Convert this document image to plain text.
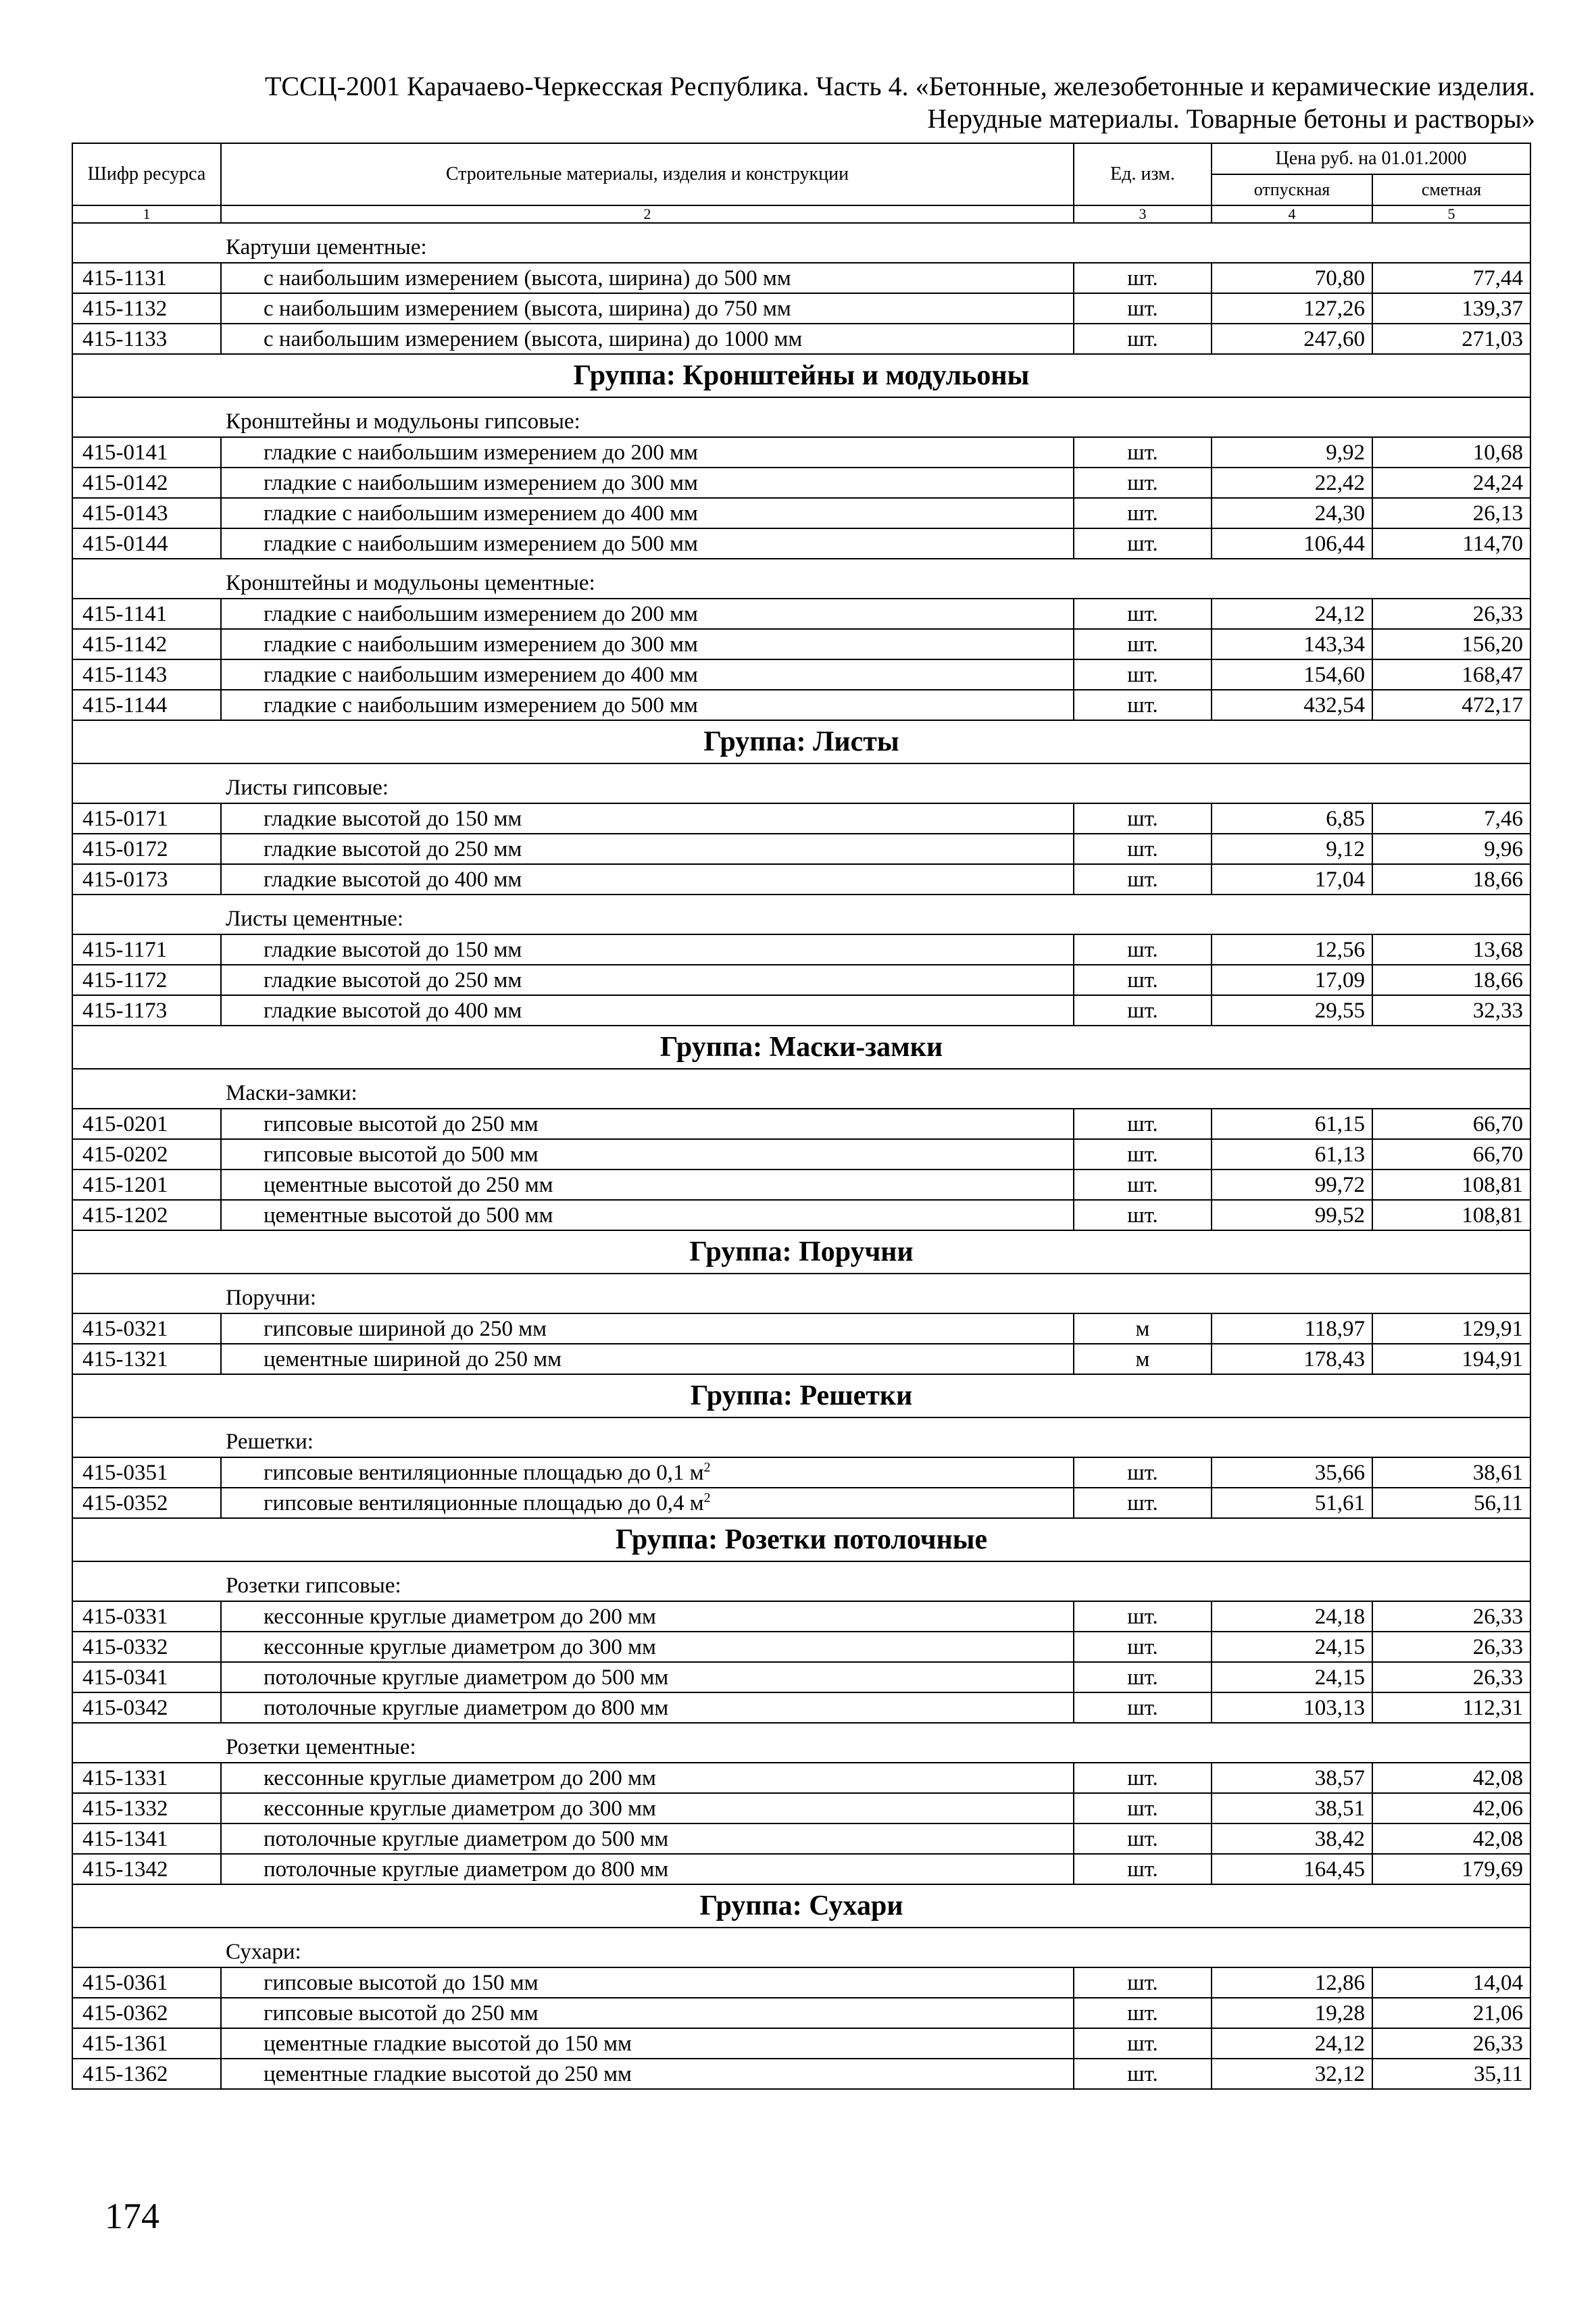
ТССЦ-2001 Карачаево-Черкесская Республика. Часть 4. «Бетонные, железобетонные и керамические изделия.
Нерудные материалы. Товарные бетоны и растворы»
Шифр ресурса	Строительные материалы, изделия и конструкции	Ед. изм.	Цена руб. на 01.01.2000	
			отпускная	сметная
1	2	3	4	5
Картуши цементные:				
415-1131	с наибольшим измерением (высота, ширина) до 500 мм	шт.	70,80	77,44
415-1132	с наибольшим измерением (высота, ширина) до 750 мм	шт.	127,26	139,37
415-1133	с наибольшим измерением (высота, ширина) до 1000 мм	шт.	247,60	271,03
Группа: Кронштейны и модульоны				
Кронштейны и модульоны гипсовые:				
415-0141	гладкие с наибольшим измерением до 200 мм	шт.	9,92	10,68
415-0142	гладкие с наибольшим измерением до 300 мм	шт.	22,42	24,24
415-0143	гладкие с наибольшим измерением до 400 мм	шт.	24,30	26,13
415-0144	гладкие с наибольшим измерением до 500 мм	шт.	106,44	114,70
Кронштейны и модульоны цементные:				
415-1141	гладкие с наибольшим измерением до 200 мм	шт.	24,12	26,33
415-1142	гладкие с наибольшим измерением до 300 мм	шт.	143,34	156,20
415-1143	гладкие с наибольшим измерением до 400 мм	шт.	154,60	168,47
415-1144	гладкие с наибольшим измерением до 500 мм	шт.	432,54	472,17
Группа: Листы				
Листы гипсовые:				
415-0171	гладкие высотой до 150 мм	шт.	6,85	7,46
415-0172	гладкие высотой до 250 мм	шт.	9,12	9,96
415-0173	гладкие высотой до 400 мм	шт.	17,04	18,66
Листы цементные:				
415-1171	гладкие высотой до 150 мм	шт.	12,56	13,68
415-1172	гладкие высотой до 250 мм	шт.	17,09	18,66
415-1173	гладкие высотой до 400 мм	шт.	29,55	32,33
Группа: Маски-замки				
Маски-замки:				
415-0201	гипсовые высотой до 250 мм	шт.	61,15	66,70
415-0202	гипсовые высотой до 500 мм	шт.	61,13	66,70
415-1201	цементные высотой до 250 мм	шт.	99,72	108,81
415-1202	цементные высотой до 500 мм	шт.	99,52	108,81
Группа: Поручни				
Поручни:				
415-0321	гипсовые шириной до 250 мм	м	118,97	129,91
415-1321	цементные шириной до 250 мм	м	178,43	194,91
Группа: Решетки				
Решетки:				
415-0351	гипсовые вентиляционные площадью до 0,1 $м^2$	шт.	35,66	38,61
415-0352	гипсовые вентиляционные площадью до 0,4 $м^2$	шт.	51,61	56,11
Группа: Розетки потолочные				
Розетки гипсовые:				
415-0331	кессонные круглые диаметром до 200 мм	шт.	24,18	26,33
415-0332	кессонные круглые диаметром до 300 мм	шт.	24,15	26,33
415-0341	потолочные круглые диаметром до 500 мм	шт.	24,15	26,33
415-0342	потолочные круглые диаметром до 800 мм	шт.	103,13	112,31
Розетки цементные:				
415-1331	кессонные круглые диаметром до 200 мм	шт.	38,57	42,08
415-1332	кессонные круглые диаметром до 300 мм	шт.	38,51	42,06
415-1341	потолочные круглые диаметром до 500 мм	шт.	38,42	42,08
415-1342	потолочные круглые диаметром до 800 мм	шт.	164,45	179,69
Группа: Сухари				
Сухари:				
415-0361	гипсовые высотой до 150 мм	шт.	12,86	14,04
415-0362	гипсовые высотой до 250 мм	шт.	19,28	21,06
415-1361	цементные гладкие высотой до 150 мм	шт.	24,12	26,33
415-1362	цементные гладкие высотой до 250 мм	шт.	32,12	35,11
174
